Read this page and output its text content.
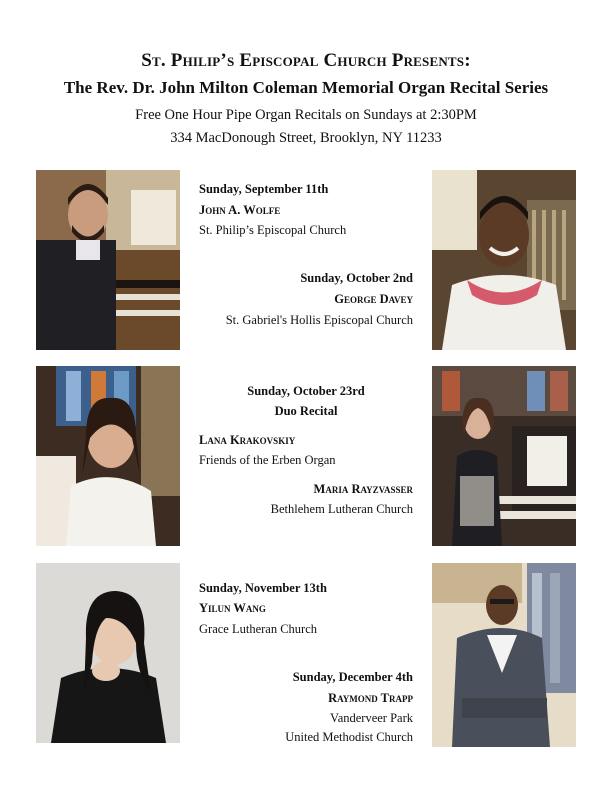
St. Philip’s Episcopal Church Presents:
The Rev. Dr. John Milton Coleman Memorial Organ Recital Series
Free One Hour Pipe Organ Recitals on Sundays at 2:30PM
334 MacDonough Street, Brooklyn, NY 11233
Sunday, September 11th
John A. Wolfe
St. Philip’s Episcopal Church
Sunday, October 2nd
George Davey
St. Gabriel's Hollis Episcopal Church
Sunday, October 23rd
Duo Recital
Lana Krakovskiy
Friends of the Erben Organ
Maria Rayzvasser
Bethlehem Lutheran Church
Sunday, November 13th
Yilun Wang
Grace Lutheran Church
Sunday, December 4th
Raymond Trapp
Vanderveer Park
United Methodist Church
